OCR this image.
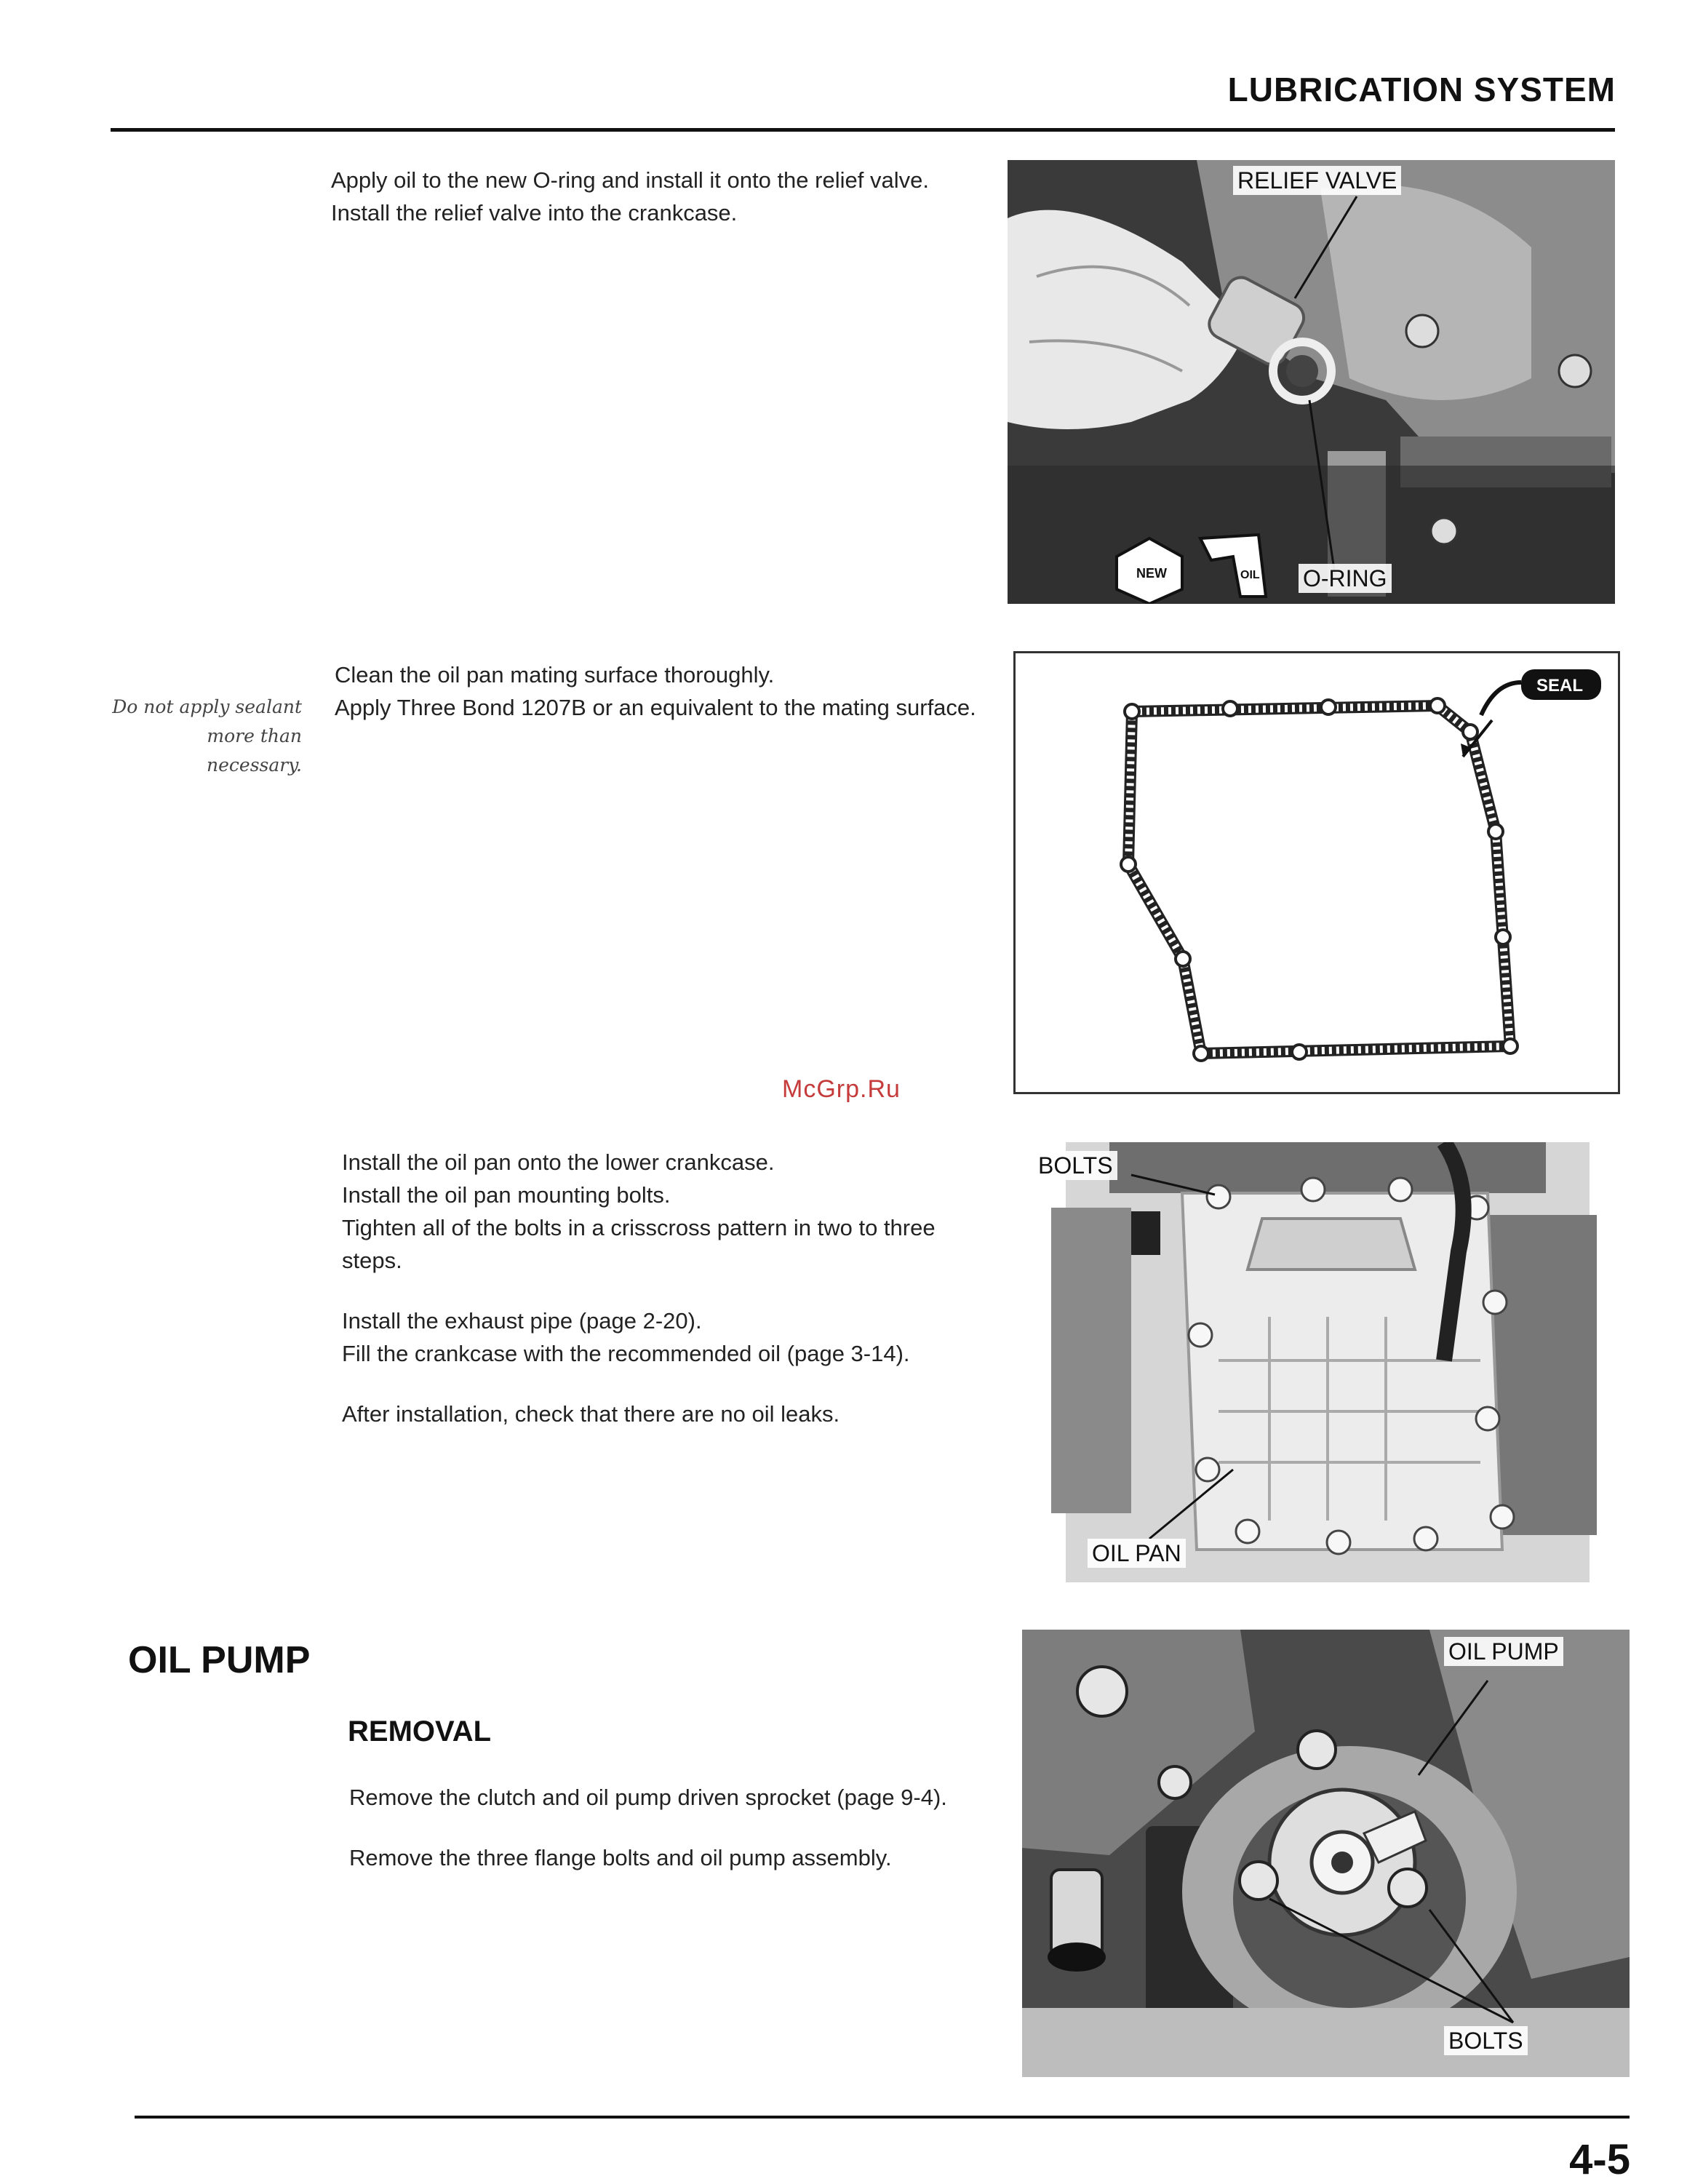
LUBRICATION SYSTEM

Apply oil to the new O-ring and install it onto the relief valve.

Install the relief valve into the crankcase.

NEW	OIL
RELIEF VALVE
O-RING
Do not apply sealant more than necessary.

Clean the oil pan mating surface thoroughly.

Apply Three Bond 1207B or an equivalent to the mating surface.

SEAL
McGrp.Ru

Install the oil pan onto the lower crankcase.

Install the oil pan mounting bolts.

Tighten all of the bolts in a crisscross pattern in two to three steps.

Install the exhaust pipe (page 2-20).

Fill the crankcase with the recommended oil (page 3-14).

After installation, check that there are no oil leaks.

BOLTS
OIL PAN
OIL PUMP
REMOVAL

Remove the clutch and oil pump driven sprocket (page 9-4).

Remove the three flange bolts and oil pump assembly.

OIL PUMP
BOLTS
4-5
